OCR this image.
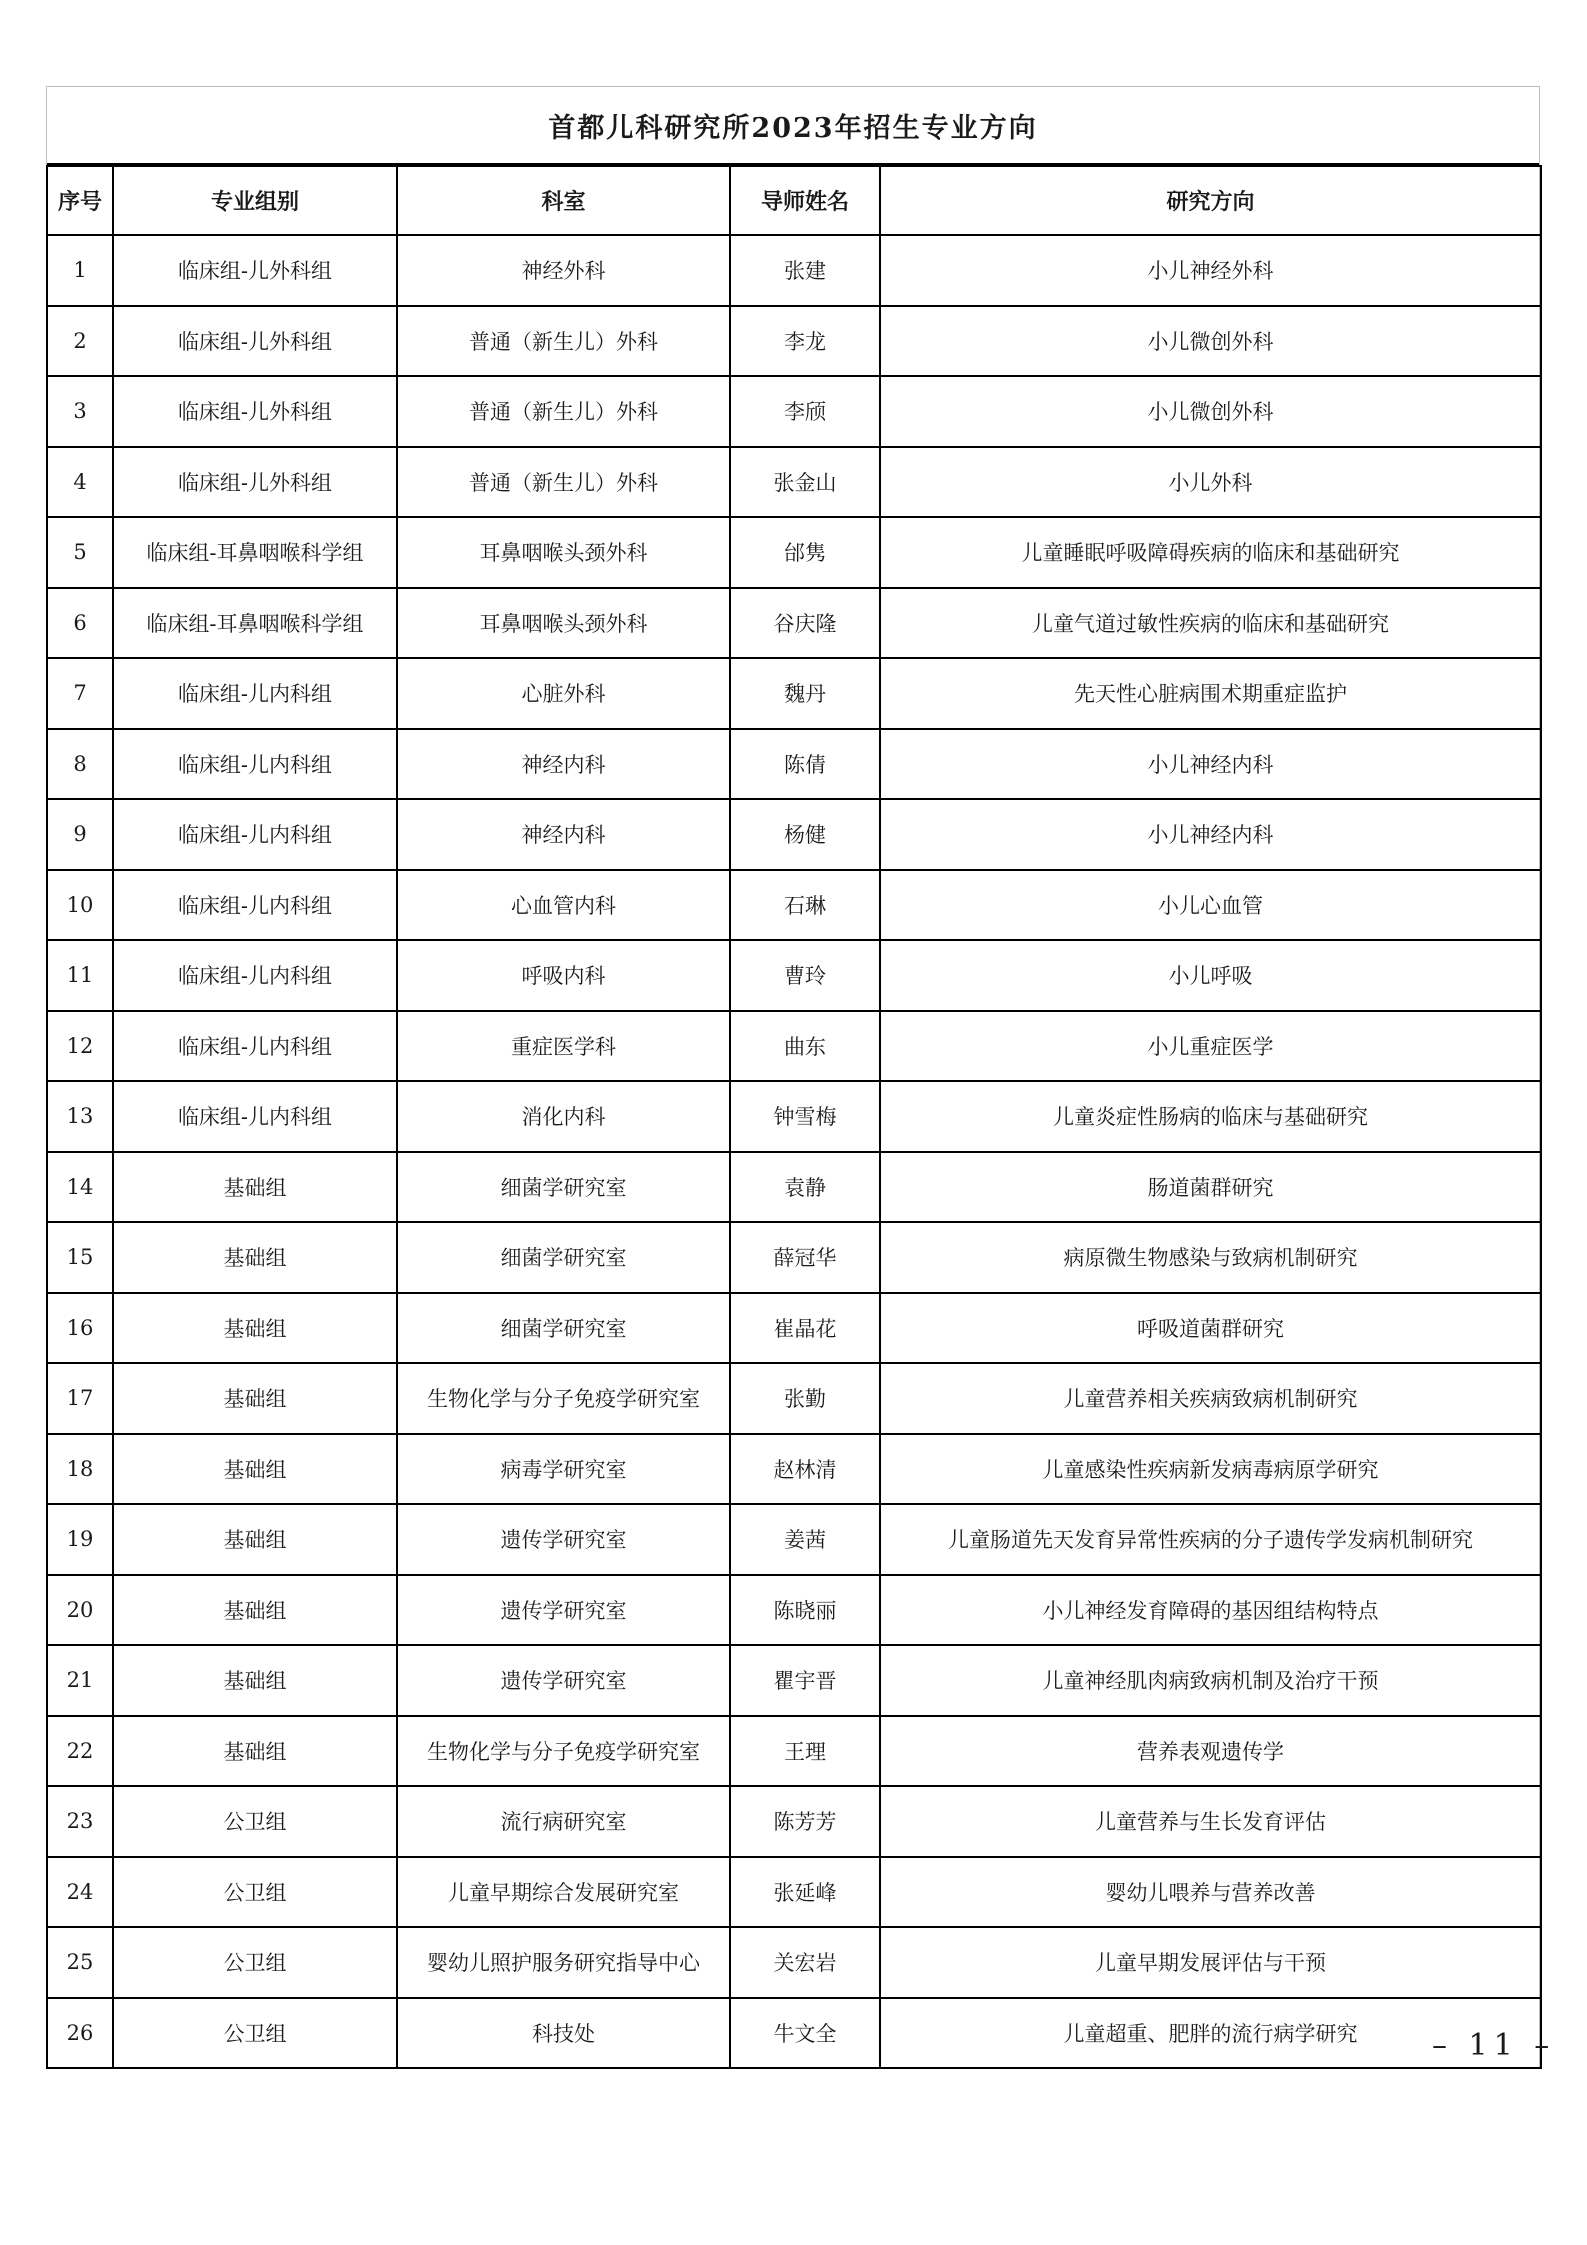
首都儿科研究所2023年招生专业方向
序号	专业组别	科室	导师姓名	研究方向
1	临床组-儿外科组	神经外科	张建	小儿神经外科
2	临床组-儿外科组	普通（新生儿）外科	李龙	小儿微创外科
3	临床组-儿外科组	普通（新生儿）外科	李颀	小儿微创外科
4	临床组-儿外科组	普通（新生儿）外科	张金山	小儿外科
5	临床组-耳鼻咽喉科学组	耳鼻咽喉头颈外科	邰隽	儿童睡眠呼吸障碍疾病的临床和基础研究
6	临床组-耳鼻咽喉科学组	耳鼻咽喉头颈外科	谷庆隆	儿童气道过敏性疾病的临床和基础研究
7	临床组-儿内科组	心脏外科	魏丹	先天性心脏病围术期重症监护
8	临床组-儿内科组	神经内科	陈倩	小儿神经内科
9	临床组-儿内科组	神经内科	杨健	小儿神经内科
10	临床组-儿内科组	心血管内科	石琳	小儿心血管
11	临床组-儿内科组	呼吸内科	曹玲	小儿呼吸
12	临床组-儿内科组	重症医学科	曲东	小儿重症医学
13	临床组-儿内科组	消化内科	钟雪梅	儿童炎症性肠病的临床与基础研究
14	基础组	细菌学研究室	袁静	肠道菌群研究
15	基础组	细菌学研究室	薛冠华	病原微生物感染与致病机制研究
16	基础组	细菌学研究室	崔晶花	呼吸道菌群研究
17	基础组	生物化学与分子免疫学研究室	张勤	儿童营养相关疾病致病机制研究
18	基础组	病毒学研究室	赵林清	儿童感染性疾病新发病毒病原学研究
19	基础组	遗传学研究室	姜茜	儿童肠道先天发育异常性疾病的分子遗传学发病机制研究
20	基础组	遗传学研究室	陈晓丽	小儿神经发育障碍的基因组结构特点
21	基础组	遗传学研究室	瞿宇晋	儿童神经肌肉病致病机制及治疗干预
22	基础组	生物化学与分子免疫学研究室	王理	营养表观遗传学
23	公卫组	流行病研究室	陈芳芳	儿童营养与生长发育评估
24	公卫组	儿童早期综合发展研究室	张延峰	婴幼儿喂养与营养改善
25	公卫组	婴幼儿照护服务研究指导中心	关宏岩	儿童早期发展评估与干预
26	公卫组	科技处	牛文全	儿童超重、肥胖的流行病学研究 – 11 –
